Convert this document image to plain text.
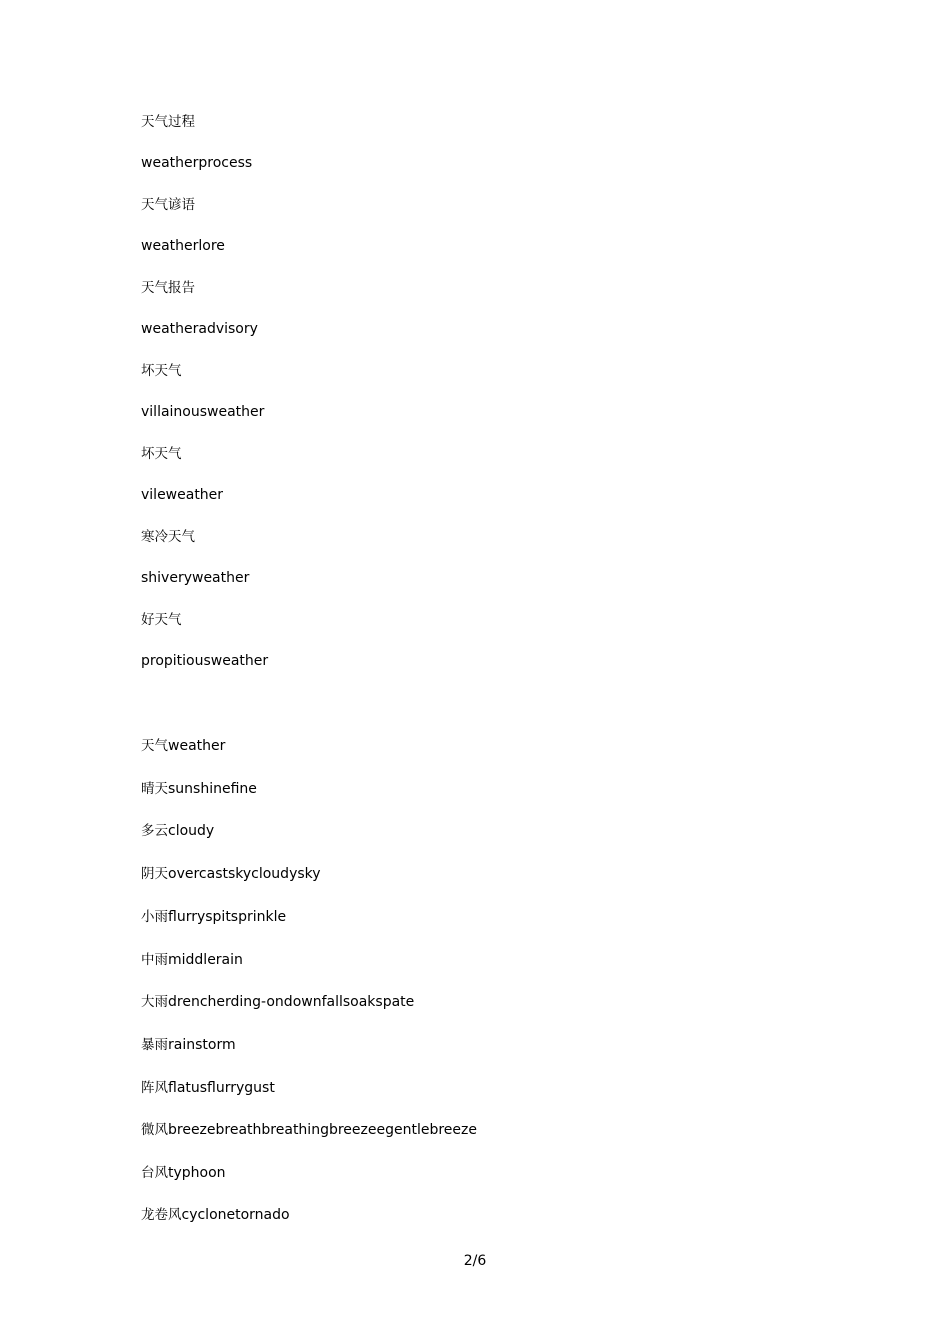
天气过程
weatherprocess
天气谚语
weatherlore
天气报告
weatheradvisory
坏天气
villainousweather
坏天气
vileweather
寒冷天气
shiveryweather
好天气
propitiousweather
天气weather
晴天sunshinefine
多云cloudy
阴天overcastskycloudysky
小雨flurryspitsprinkle
中雨middlerain
大雨drencherding-ondownfallsoakspate
暴雨rainstorm
阵风flatusflurrygust
微风breezebreathbreathingbreezeegentlebreeze
台风typhoon
龙卷风cyclonetornado
2/6
